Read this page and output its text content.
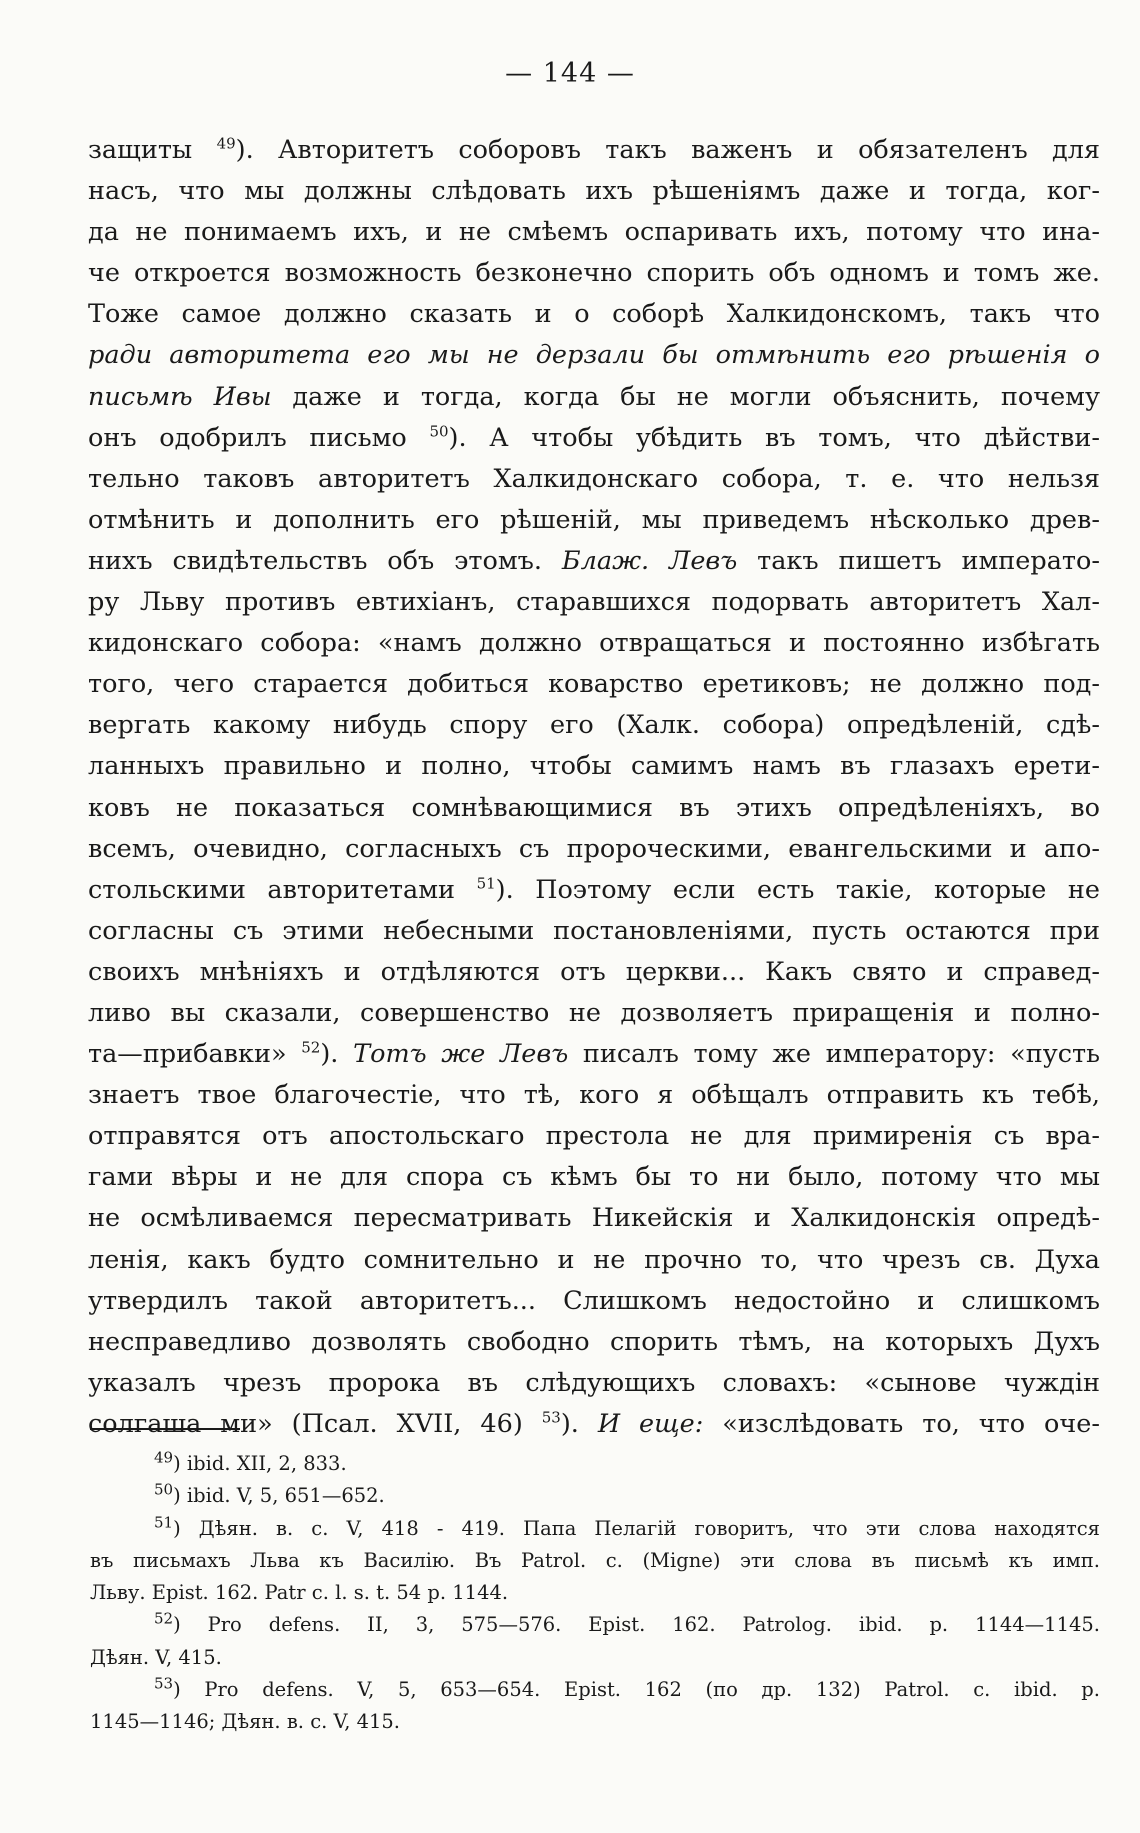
— 144 —
защиты $^{49}$). Авторитетъ соборовъ такъ важенъ и обязателенъ для
насъ, что мы должны слѣдовать ихъ рѣшеніямъ даже и тогда, ког-
да не понимаемъ ихъ, и не смѣемъ оспаривать ихъ, потому что ина-
че откроется возможность безконечно спорить объ одномъ и томъ же.
Тоже самое должно сказать и о соборѣ Халкидонскомъ, такъ что
ради авторитета его мы не дерзали бы отмѣнить его рѣшенія о
письмѣ Ивы даже и тогда, когда бы не могли объяснить, почему
онъ одобрилъ письмо $^{50}$). А чтобы убѣдить въ томъ, что дѣйстви-
тельно таковъ авторитетъ Халкидонскаго собора, т. е. что нельзя
отмѣнить и дополнить его рѣшеній, мы приведемъ нѣсколько древ-
нихъ свидѣтельствъ объ этомъ. Блаж. Левъ такъ пишетъ императо-
ру Льву противъ евтихіанъ, старавшихся подорвать авторитетъ Хал-
кидонскаго собора: «намъ должно отвращаться и постоянно избѣгать
того, чего старается добиться коварство еретиковъ; не должно под-
вергать какому нибудь спору его (Халк. собора) опредѣленій, сдѣ-
ланныхъ правильно и полно, чтобы самимъ намъ въ глазахъ ерети-
ковъ не показаться сомнѣвающимися въ этихъ опредѣленіяхъ, во
всемъ, очевидно, согласныхъ съ пророческими, евангельскими и апо-
стольскими авторитетами $^{51}$). Поэтому если есть такіе, которые не
согласны съ этими небесными постановленіями, пусть остаются при
своихъ мнѣніяхъ и отдѣляются отъ церкви... Какъ свято и справед-
ливо вы сказали, совершенство не дозволяетъ приращенія и полно-
та—прибавки» $^{52}$). Тотъ же Левъ писалъ тому же императору: «пусть
знаетъ твое благочестіе, что тѣ, кого я обѣщалъ отправить къ тебѣ,
отправятся отъ апостольскаго престола не для примиренія съ вра-
гами вѣры и не для спора съ кѣмъ бы то ни было, потому что мы
не осмѣливаемся пересматривать Никейскія и Халкидонскія опредѣ-
ленія, какъ будто сомнительно и не прочно то, что чрезъ св. Духа
утвердилъ такой авторитетъ... Слишкомъ недостойно и слишкомъ
несправедливо дозволять свободно спорить тѣмъ, на которыхъ Духъ
указалъ чрезъ пророка въ слѣдующихъ словахъ: «сынове чуждін
солгаша ми» (Псал. XVII, 46) $^{53}$). И еще: «изслѣдовать то, что оче-
$^{49}$) ibid. XII, 2, 833.
$^{50}$) ibid. V, 5, 651—652.
$^{51}$) Дѣян. в. с. V, 418 - 419. Папа Пелагій говоритъ, что эти слова находятся
въ письмахъ Льва къ Василію. Въ Patrol. c. (Migne) эти слова въ письмѣ къ имп.
Льву. Epist. 162. Patr c. l. s. t. 54 p. 1144.
$^{52}$) Pro defens. II, 3, 575—576. Epist. 162. Patrolog. ibid. p. 1144—1145.
Дѣян. V, 415.
$^{53}$) Pro defens. V, 5, 653—654. Epist. 162 (по др. 132) Patrol. c. ibid. p.
1145—1146; Дѣян. в. с. V, 415.
